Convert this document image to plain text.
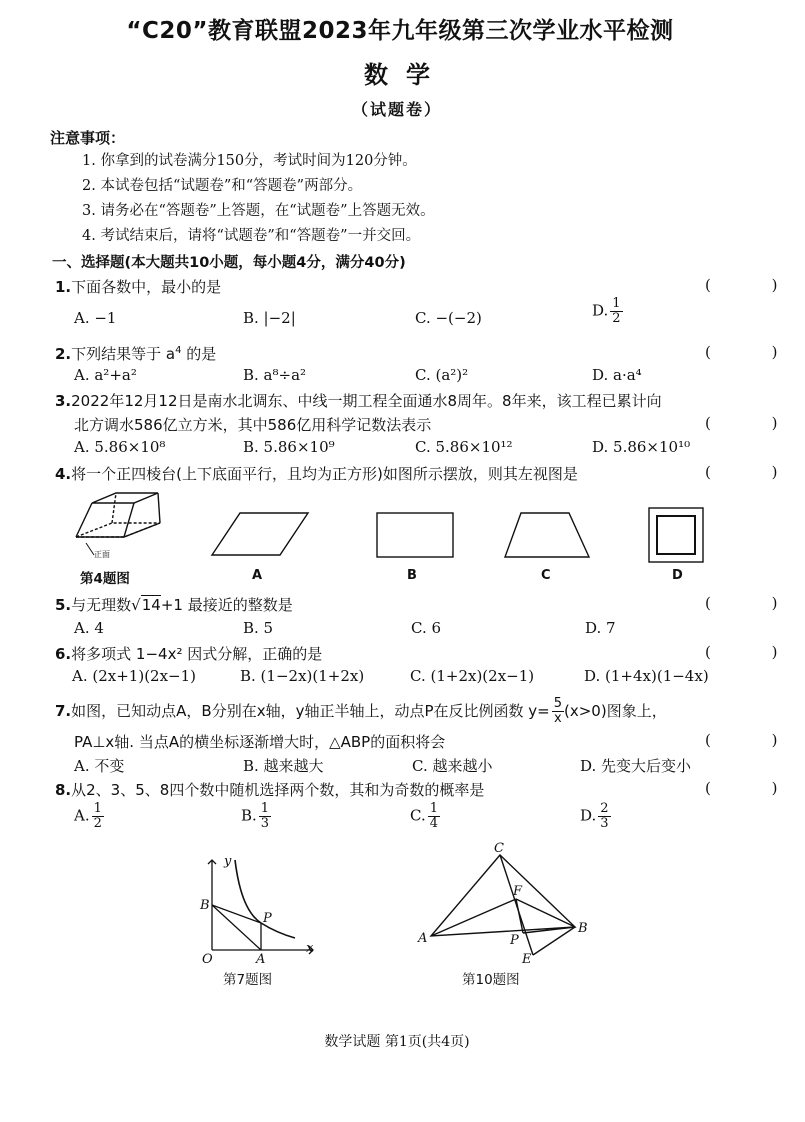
“C20”教育联盟2023年九年级第三次学业水平检测
数学
（试题卷）
注意事项：
1. 你拿到的试卷满分150分，考试时间为120分钟。
2. 本试卷包括“试题卷”和“答题卷”两部分。
3. 请务必在“答题卷”上答题，在“试题卷”上答题无效。
4. 考试结束后，请将“试题卷”和“答题卷”一并交回。
一、选择题(本大题共10小题，每小题4分，满分40分)
1.下面各数中，最小的是	( )
A. −1	B. |−2|	C. −(−2)	D. $\frac{1}{2}$
2.下列结果等于 $a^4$ 的是	( )
A. a²+a²	B. a⁸÷a²	C. (a²)²	D. a·a⁴
3.2022年12月12日是南水北调东、中线一期工程全面通水8周年。8年来，该工程已累计向
北方调水586亿立方米，其中586亿用科学记数法表示	( )
A. 5.86×10⁸	B. 5.86×10⁹	C. 5.86×10¹²	D. 5.86×10¹⁰
4.将一个正四棱台(上下底面平行，且均为正方形)如图所示摆放，则其左视图是	( )
正面
第4题图	A	B	C	D
5.与无理数√14+1 最接近的整数是	( )
A. 4	B. 5	C. 6	D. 7
6.将多项式 1−4x² 因式分解，正确的是	( )
A. (2x+1)(2x−1)	B. (1−2x)(1+2x)	C. (1+2x)(2x−1)	D. (1+4x)(1−4x)
7.如图，已知动点A，B分别在x轴，y轴正半轴上，动点P在反比例函数 $y= \frac{5}{x} (x>0)$图象上，
PA⊥x轴. 当点A的横坐标逐渐增大时，△ABP的面积将会	( )
A. 不变	B. 越来越大	C. 越来越小	D. 先变大后变小
8.从2、3、5、8四个数中随机选择两个数，其和为奇数的概率是	( )
A. $\frac{1}{2}$	B. $\frac{1}{3}$	C. $\frac{1}{4}$	D. $\frac{2}{3}$
y
x
B
P
O	A
第7题图
C
F
A
B
P
E
第10题图
数学试题 第1页(共4页)
